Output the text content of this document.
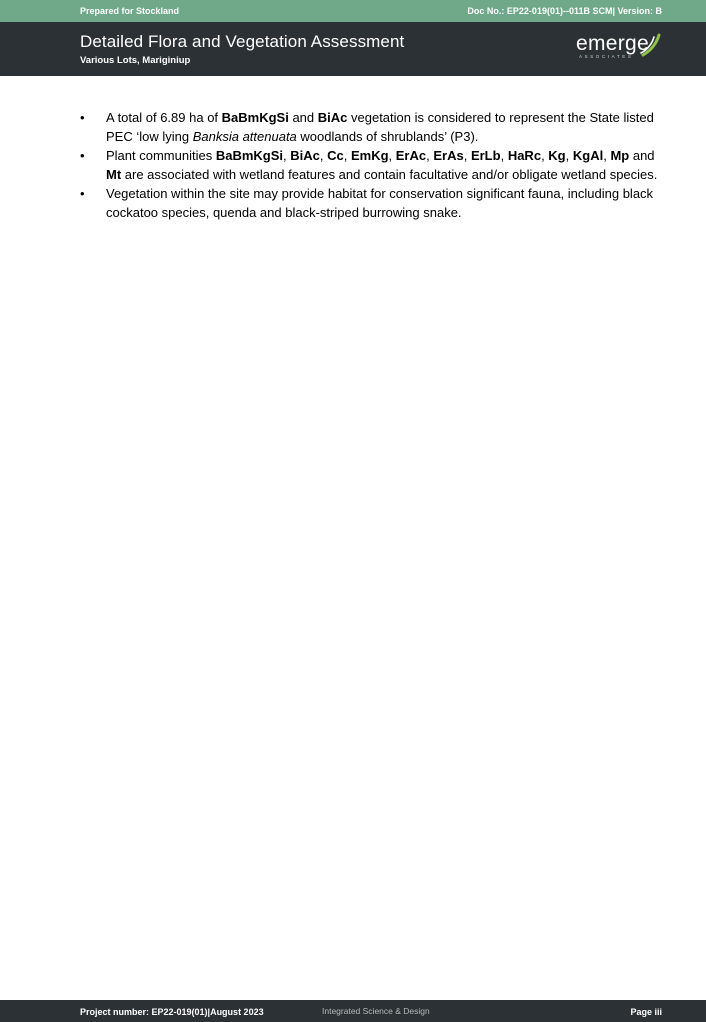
Prepared for Stockland	Doc No.: EP22-019(01)--011B SCM| Version: B
Detailed Flora and Vegetation Assessment
Various Lots, Mariginiup
emerge
ASSOCIATES
• A total of 6.89 ha of BaBmKgSi and BiAc vegetation is considered to represent the State listed PEC ‘low lying Banksia attenuata woodlands of shrublands’ (P3).
• Plant communities BaBmKgSi, BiAc, Cc, EmKg, ErAc, ErAs, ErLb, HaRc, Kg, KgAl, Mp and Mt are associated with wetland features and contain facultative and/or obligate wetland species.
• Vegetation within the site may provide habitat for conservation significant fauna, including black cockatoo species, quenda and black-striped burrowing snake.
Project number: EP22-019(01)|August 2023	Integrated Science & Design	Page iii
